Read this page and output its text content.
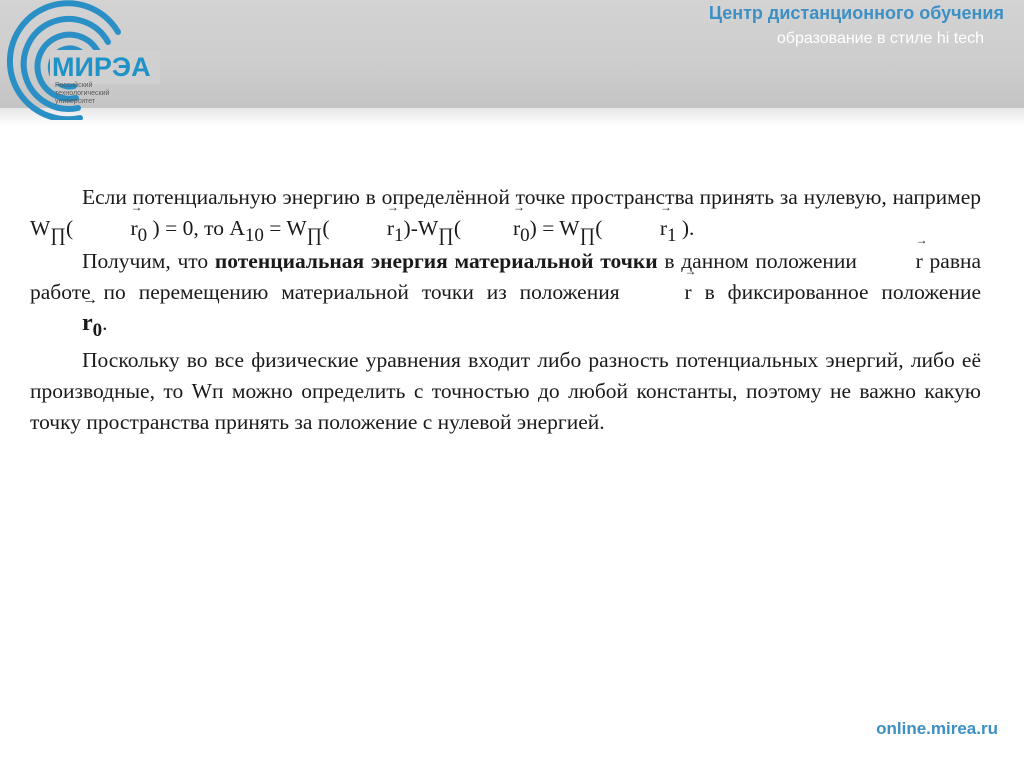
МИРЭА
Российский
технологический
университет
Центр дистанционного обучения
образование в стиле hi tech

Если потенциальную энергию в определённой точке пространства принять за нулевую, например $W_\prod( \to r_0$ ) = 0, то $A_{10} = W_\prod( \to r_1)-W_\prod( \to r_0) = W_\prod( \to r_1$ ).

Получим, что потенциальная энергия материальной точки в данном положении	→ r равна работе по перемещению материальной точки из положения	→ r в фиксированное положение → $r_0$.

Поскольку во все физические уравнения входит либо разность потенциальных энергий, либо её производные, то Wп можно определить с точностью до любой константы, поэтому не важно какую точку пространства принять за положение с нулевой энергией.

online.mirea.ru
